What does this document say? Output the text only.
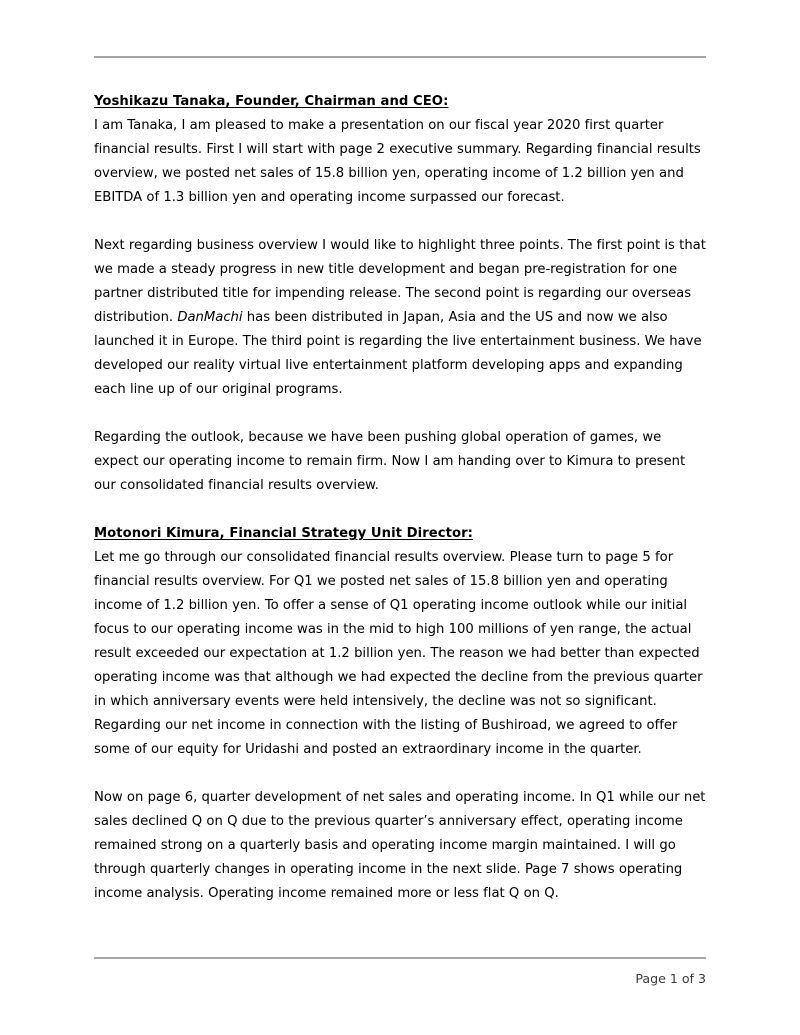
Yoshikazu Tanaka, Founder, Chairman and CEO:

I am Tanaka, I am pleased to make a presentation on our fiscal year 2020 first quarter financial results. First I will start with page 2 executive summary. Regarding financial results overview, we posted net sales of 15.8 billion yen, operating income of 1.2 billion yen and EBITDA of 1.3 billion yen and operating income surpassed our forecast.

Next regarding business overview I would like to highlight three points. The first point is that we made a steady progress in new title development and began pre-registration for one partner distributed title for impending release. The second point is regarding our overseas distribution. DanMachi has been distributed in Japan, Asia and the US and now we also launched it in Europe. The third point is regarding the live entertainment business. We have developed our reality virtual live entertainment platform developing apps and expanding each line up of our original programs.

Regarding the outlook, because we have been pushing global operation of games, we expect our operating income to remain firm. Now I am handing over to Kimura to present our consolidated financial results overview.

Motonori Kimura, Financial Strategy Unit Director:

Let me go through our consolidated financial results overview. Please turn to page 5 for financial results overview. For Q1 we posted net sales of 15.8 billion yen and operating income of 1.2 billion yen. To offer a sense of Q1 operating income outlook while our initial focus to our operating income was in the mid to high 100 millions of yen range, the actual result exceeded our expectation at 1.2 billion yen. The reason we had better than expected operating income was that although we had expected the decline from the previous quarter in which anniversary events were held intensively, the decline was not so significant. Regarding our net income in connection with the listing of Bushiroad, we agreed to offer some of our equity for Uridashi and posted an extraordinary income in the quarter.

Now on page 6, quarter development of net sales and operating income. In Q1 while our net sales declined Q on Q due to the previous quarter’s anniversary effect, operating income remained strong on a quarterly basis and operating income margin maintained. I will go through quarterly changes in operating income in the next slide. Page 7 shows operating income analysis. Operating income remained more or less flat Q on Q.

Page 1 of 3
